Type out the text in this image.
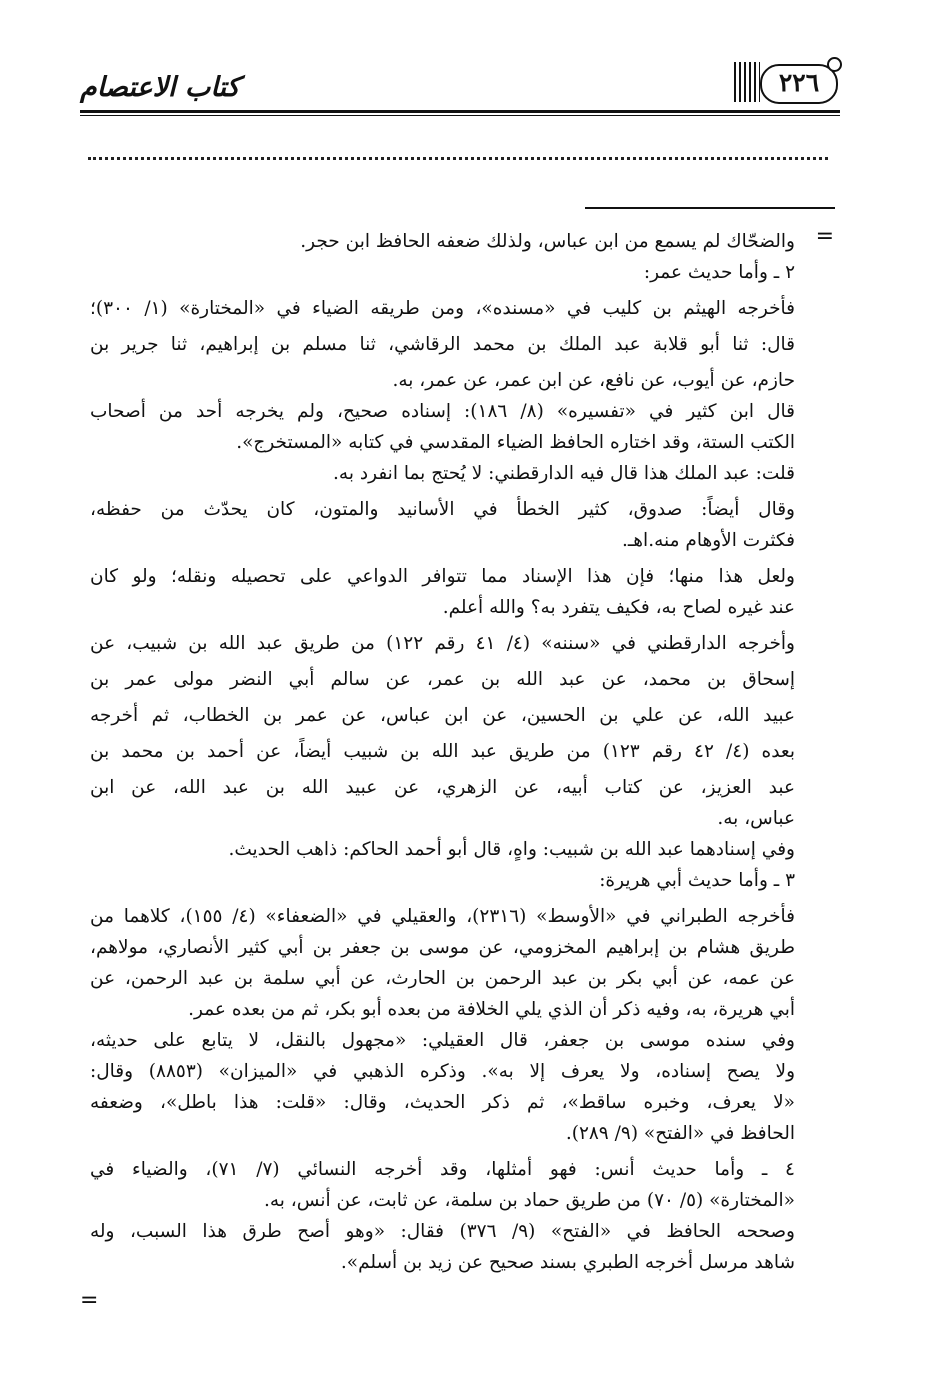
كتاب الاعتصام	٢٢٦
=
=
والضحّاك لم يسمع من ابن عباس، ولذلك ضعفه الحافظ ابن حجر.
٢ ـ وأما حديث عمر:
فأخرجه الهيثم بن كليب في «مسنده»، ومن طريقه الضياء في «المختارة» (١/ ٣٠٠)؛
قال: ثنا أبو قلابة عبد الملك بن محمد الرقاشي، ثنا مسلم بن إبراهيم، ثنا جرير بن
حازم، عن أيوب، عن نافع، عن ابن عمر، عن عمر، به.
قال ابن كثير في «تفسيره» (٨/ ١٨٦): إسناده صحيح، ولم يخرجه أحد من أصحاب
الكتب الستة، وقد اختاره الحافظ الضياء المقدسي في كتابه «المستخرج».
قلت: عبد الملك هذا قال فيه الدارقطني: لا يُحتج بما انفرد به.
وقال أيضاً: صدوق، كثير الخطأ في الأسانيد والمتون، كان يحدّث من حفظه،
فكثرت الأوهام منه.اهـ.
ولعل هذا منها؛ فإن هذا الإسناد مما تتوافر الدواعي على تحصيله ونقله؛ ولو كان
عند غيره لصاح به، فكيف يتفرد به؟ والله أعلم.
وأخرجه الدارقطني في «سننه» (٤/ ٤١ رقم ١٢٢) من طريق عبد الله بن شبيب، عن
إسحاق بن محمد، عن عبد الله بن عمر، عن سالم أبي النضر مولى عمر بن
عبيد الله، عن علي بن الحسين، عن ابن عباس، عن عمر بن الخطاب، ثم أخرجه
بعده (٤/ ٤٢ رقم ١٢٣) من طريق عبد الله بن شبيب أيضاً، عن أحمد بن محمد بن
عبد العزيز، عن كتاب أبيه، عن الزهري، عن عبيد الله بن عبد الله، عن ابن
عباس، به.
وفي إسنادهما عبد الله بن شبيب: واهٍ، قال أبو أحمد الحاكم: ذاهب الحديث.
٣ ـ وأما حديث أبي هريرة:
فأخرجه الطبراني في «الأوسط» (٢٣١٦)، والعقيلي في «الضعفاء» (٤/ ١٥٥)، كلاهما من
طريق هشام بن إبراهيم المخزومي، عن موسى بن جعفر بن أبي كثير الأنصاري، مولاهم،
عن عمه، عن أبي بكر بن عبد الرحمن بن الحارث، عن أبي سلمة بن عبد الرحمن، عن
أبي هريرة، به، وفيه ذكر أن الذي يلي الخلافة من بعده أبو بكر، ثم من بعده عمر.
وفي سنده موسى بن جعفر، قال العقيلي: «مجهول بالنقل، لا يتابع على حديثه،
ولا يصح إسناده، ولا يعرف إلا به». وذكره الذهبي في «الميزان» (٨٨٥٣) وقال:
«لا يعرف، وخبره ساقط»، ثم ذكر الحديث، وقال: «قلت: هذا باطل»، وضعفه
الحافظ في «الفتح» (٩/ ٢٨٩).
٤ ـ وأما حديث أنس: فهو أمثلها، وقد أخرجه النسائي (٧/ ٧١)، والضياء في
«المختارة» (٥/ ٧٠) من طريق حماد بن سلمة، عن ثابت، عن أنس، به.
وصححه الحافظ في «الفتح» (٩/ ٣٧٦) فقال: «وهو أصح طرق هذا السبب، وله
شاهد مرسل أخرجه الطبري بسند صحيح عن زيد بن أسلم».
